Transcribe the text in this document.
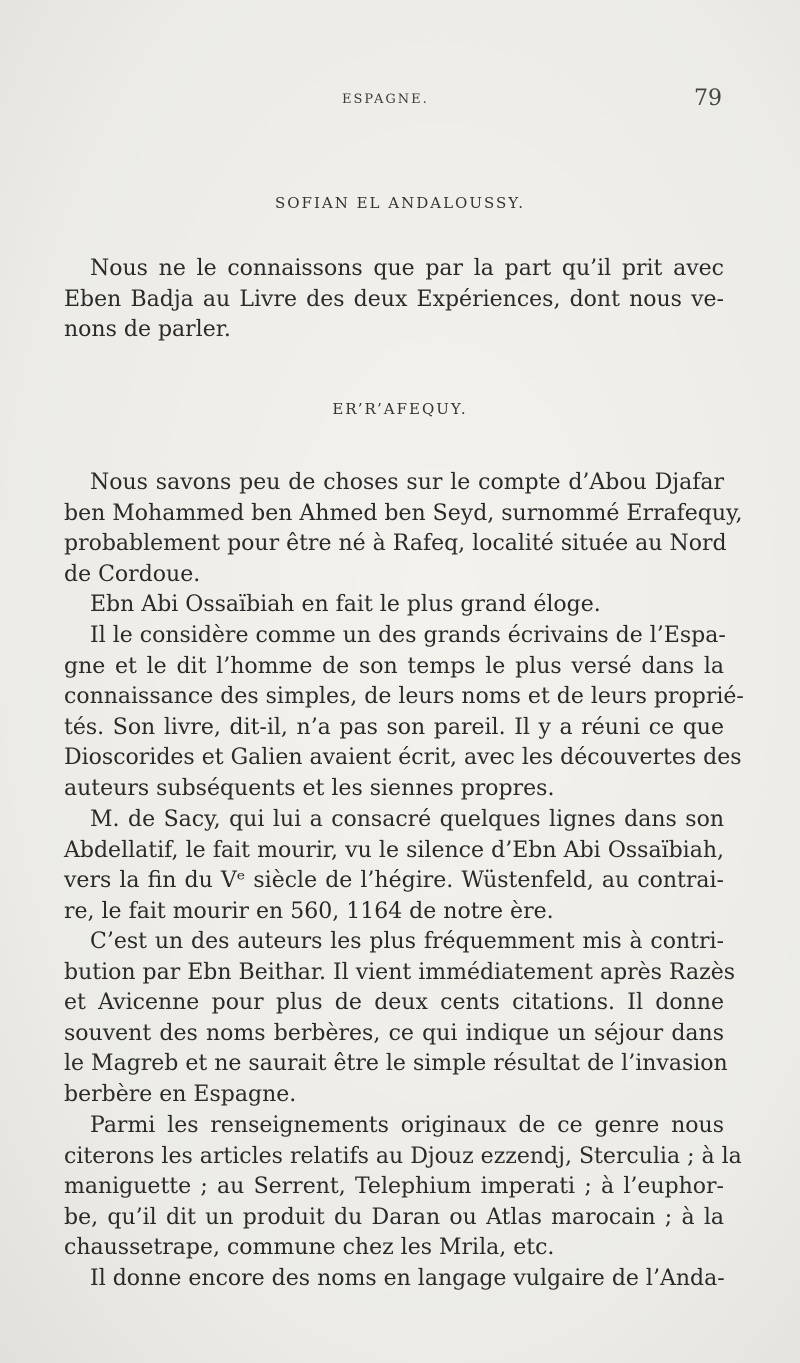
ESPAGNE.	79
SOFIAN EL ANDALOUSSY.

Nous ne le connaissons que par la part qu’il prit avec
Eben Badja au Livre des deux Expériences, dont nous ve-
nons de parler.

ER’R’AFEQUY.

Nous savons peu de choses sur le compte d’Abou Djafar
ben Mohammed ben Ahmed ben Seyd, surnommé Errafequy,
probablement pour être né à Rafeq, localité située au Nord
de Cordoue.

Ebn Abi Ossaïbiah en fait le plus grand éloge.

Il le considère comme un des grands écrivains de l’Espa-
gne et le dit l’homme de son temps le plus versé dans la
connaissance des simples, de leurs noms et de leurs proprié-
tés. Son livre, dit-il, n’a pas son pareil. Il y a réuni ce que
Dioscorides et Galien avaient écrit, avec les découvertes des
auteurs subséquents et les siennes propres.

M. de Sacy, qui lui a consacré quelques lignes dans son
Abdellatif, le fait mourir, vu le silence d’Ebn Abi Ossaïbiah,
vers la fin du Vᵉ siècle de l’hégire. Wüstenfeld, au contrai-
re, le fait mourir en 560, 1164 de notre ère.

C’est un des auteurs les plus fréquemment mis à contri-
bution par Ebn Beithar. Il vient immédiatement après Razès
et Avicenne pour plus de deux cents citations. Il donne
souvent des noms berbères, ce qui indique un séjour dans
le Magreb et ne saurait être le simple résultat de l’invasion
berbère en Espagne.

Parmi les renseignements originaux de ce genre nous
citerons les articles relatifs au Djouz ezzendj, Sterculia ; à la
maniguette ; au Serrent, Telephium imperati ; à l’euphor-
be, qu’il dit un produit du Daran ou Atlas marocain ; à la
chaussetrape, commune chez les Mrila, etc.

Il donne encore des noms en langage vulgaire de l’Anda-
